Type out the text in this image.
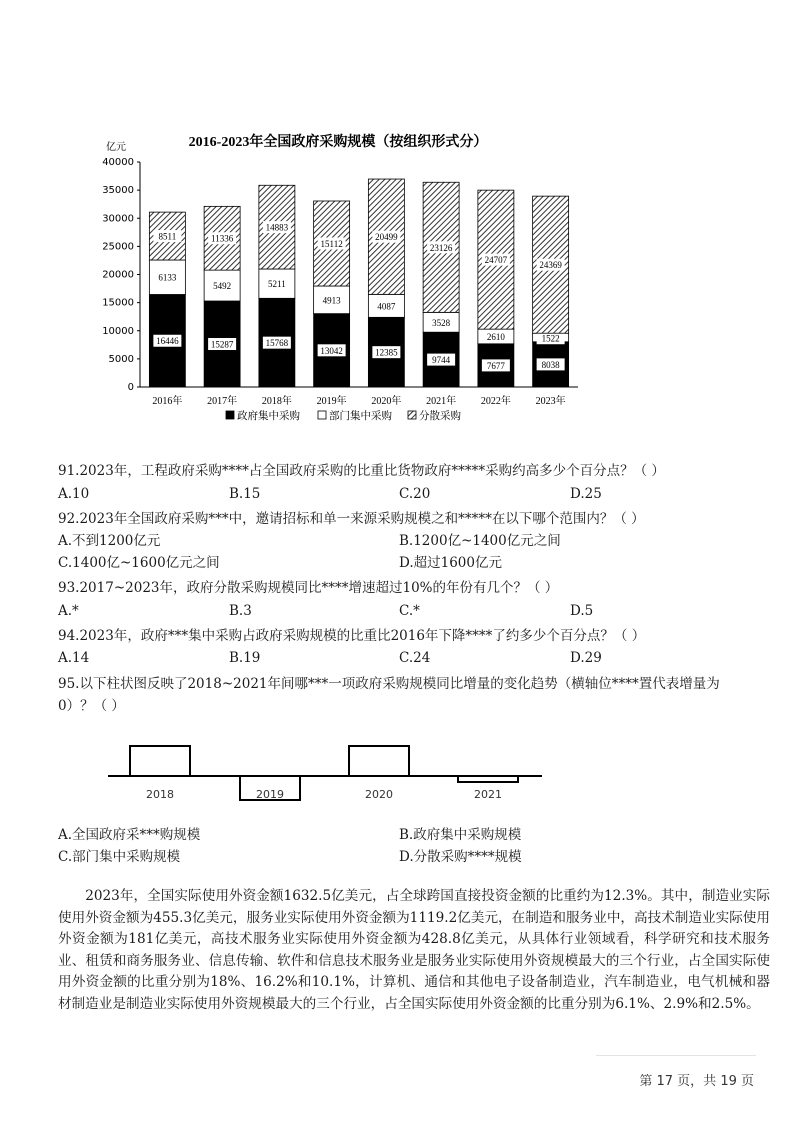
2016-2023年全国政府采购规模（按组织形式分）
亿元
0
5000
10000
15000
20000
25000
30000
35000
40000
16446
6133
8511
15287
5492
11336
15768
5211
14883
13042
4913
15112
12385
4087
20499
9744
3528
23126
7677
2610
24707
8038
1522
24369
2016年 2017年 2018年 2019年 2020年 2021年 2022年 2023年
政府集中采购	部门集中采购	分散采购
91.2023年，工程政府采购****占全国政府采购的比重比货物政府*****采购约高多少个百分点？（ ）
A.10	B.15	C.20	D.25
92.2023年全国政府采购***中，邀请招标和单一来源采购规模之和*****在以下哪个范围内？（ ）
A.不到1200亿元	B.1200亿~1400亿元之间
C.1400亿~1600亿元之间	D.超过1600亿元
93.2017~2023年，政府分散采购规模同比****增速超过10%的年份有几个？（ ）
A.*	B.3	C.*	D.5
94.2023年，政府***集中采购占政府采购规模的比重比2016年下降****了约多少个百分点？（ ）
A.14	B.19	C.24	D.29
95.以下柱状图反映了2018~2021年间哪***一项政府采购规模同比增量的变化趋势（横轴位****置代表增量为
0）？（ ）
2018	2019	2020	2021
A.全国政府采***购规模	B.政府集中采购规模
C.部门集中采购规模	D.分散采购****规模
2023年，全国实际使用外资金额1632.5亿美元，占全球跨国直接投资金额的比重约为12.3%。其中，制造业实际使用外资金额为455.3亿美元，服务业实际使用外资金额为1119.2亿美元，在制造和服务业中，高技术制造业实际使用外资金额为181亿美元，高技术服务业实际使用外资金额为428.8亿美元，从具体行业领域看，科学研究和技术服务业、租赁和商务服务业、信息传输、软件和信息技术服务业是服务业实际使用外资规模最大的三个行业，占全国实际使用外资金额的比重分别为18%、16.2%和10.1%，计算机、通信和其他电子设备制造业，汽车制造业，电气机械和器材制造业是制造业实际使用外资规模最大的三个行业，占全国实际使用外资金额的比重分别为6.1%、2.9%和2.5%。
第 17 页，共 19 页
